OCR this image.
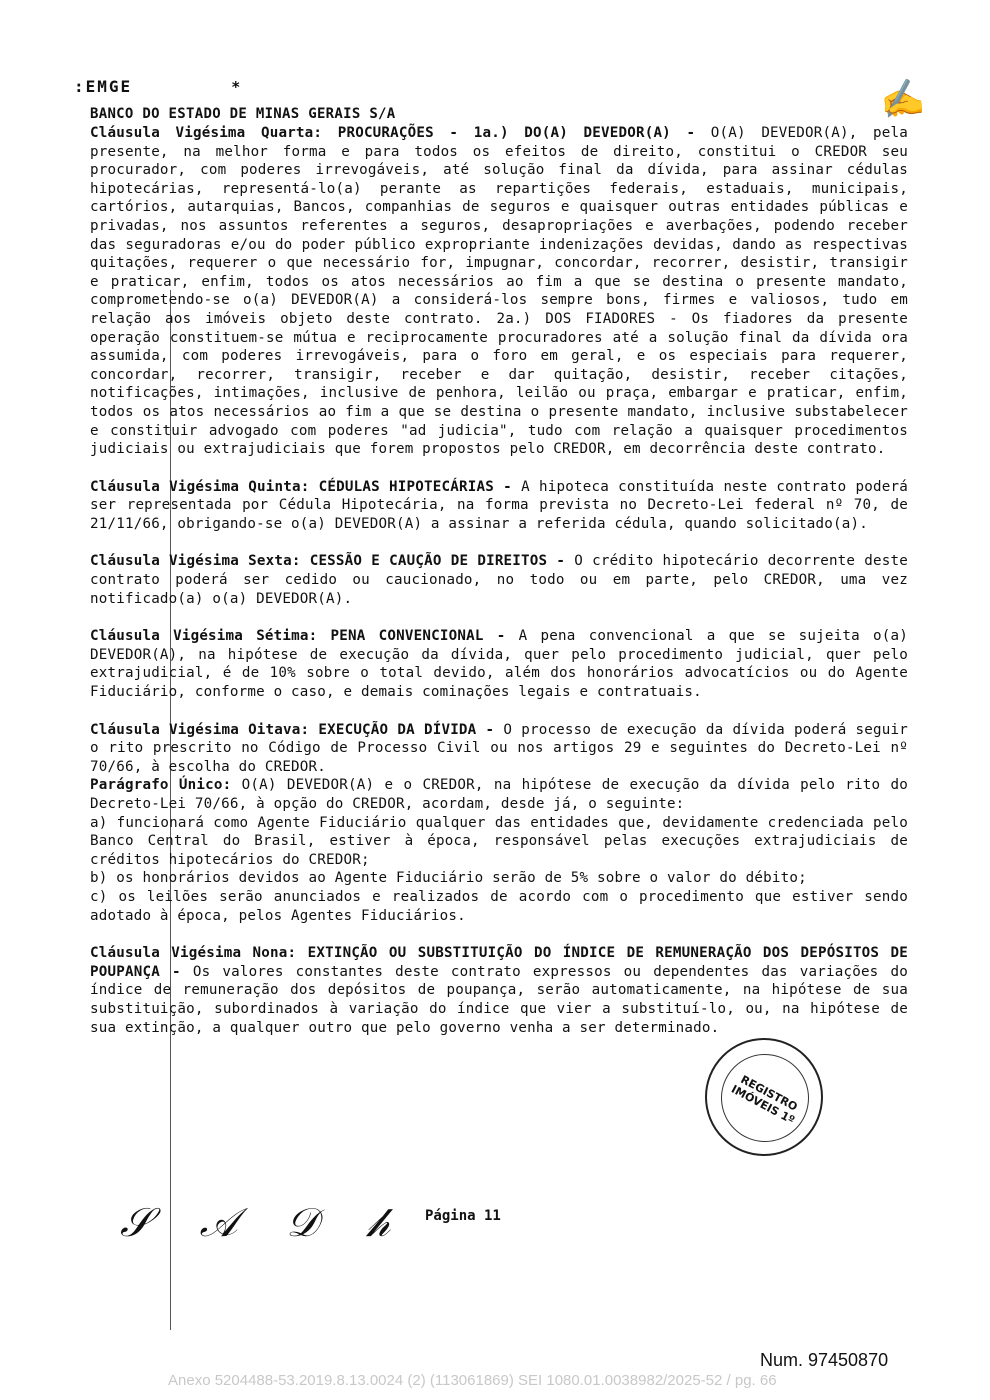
:EMGE	*
BANCO DO ESTADO DE MINAS GERAIS S/A	✍

Cláusula Vigésima Quarta: PROCURAÇÕES - 1a.) DO(A) DEVEDOR(A) - O(A) DEVEDOR(A), pela presente, na melhor forma e para todos os efeitos de direito, constitui o CREDOR seu procurador, com poderes irrevogáveis, até solução final da dívida, para assinar cédulas hipotecárias, representá-lo(a) perante as repartições federais, estaduais, municipais, cartórios, autarquias, Bancos, companhias de seguros e quaisquer outras entidades públicas e privadas, nos assuntos referentes a seguros, desapropriações e averbações, podendo receber das seguradoras e/ou do poder público expropriante indenizações devidas, dando as respectivas quitações, requerer o que necessário for, impugnar, concordar, recorrer, desistir, transigir e praticar, enfim, todos os atos necessários ao fim a que se destina o presente mandato, comprometendo-se o(a) DEVEDOR(A) a considerá-los sempre bons, firmes e valiosos, tudo em relação aos imóveis objeto deste contrato. 2a.) DOS FIADORES - Os fiadores da presente operação constituem-se mútua e reciprocamente procuradores até a solução final da dívida ora assumida, com poderes irrevogáveis, para o foro em geral, e os especiais para requerer, concordar, recorrer, transigir, receber e dar quitação, desistir, receber citações, notificações, intimações, inclusive de penhora, leilão ou praça, embargar e praticar, enfim, todos os atos necessários ao fim a que se destina o presente mandato, inclusive substabelecer e constituir advogado com poderes "ad judicia", tudo com relação a quaisquer procedimentos judiciais ou extrajudiciais que forem propostos pelo CREDOR, em decorrência deste contrato.

Cláusula Vigésima Quinta: CÉDULAS HIPOTECÁRIAS - A hipoteca constituída neste contrato poderá ser representada por Cédula Hipotecária, na forma prevista no Decreto-Lei federal nº 70, de 21/11/66, obrigando-se o(a) DEVEDOR(A) a assinar a referida cédula, quando solicitado(a).

Cláusula Vigésima Sexta: CESSÃO E CAUÇÃO DE DIREITOS - O crédito hipotecário decorrente deste contrato poderá ser cedido ou caucionado, no todo ou em parte, pelo CREDOR, uma vez notificado(a) o(a) DEVEDOR(A).

Cláusula Vigésima Sétima: PENA CONVENCIONAL - A pena convencional a que se sujeita o(a) DEVEDOR(A), na hipótese de execução da dívida, quer pelo procedimento judicial, quer pelo extrajudicial, é de 10% sobre o total devido, além dos honorários advocatícios ou do Agente Fiduciário, conforme o caso, e demais cominações legais e contratuais.

Cláusula Vigésima Oitava: EXECUÇÃO DA DÍVIDA - O processo de execução da dívida poderá seguir o rito prescrito no Código de Processo Civil ou nos artigos 29 e seguintes do Decreto-Lei nº 70/66, à escolha do CREDOR.
Parágrafo Único: O(A) DEVEDOR(A) e o CREDOR, na hipótese de execução da dívida pelo rito do Decreto-Lei 70/66, à opção do CREDOR, acordam, desde já, o seguinte:
a) funcionará como Agente Fiduciário qualquer das entidades que, devidamente credenciada pelo Banco Central do Brasil, estiver à época, responsável pelas execuções extrajudiciais de créditos hipotecários do CREDOR;
b) os honorários devidos ao Agente Fiduciário serão de 5% sobre o valor do débito;
c) os leilões serão anunciados e realizados de acordo com o procedimento que estiver sendo adotado à época, pelos Agentes Fiduciários.

Cláusula Vigésima Nona: EXTINÇÃO OU SUBSTITUIÇÃO DO ÍNDICE DE REMUNERAÇÃO DOS DEPÓSITOS DE POUPANÇA - Os valores constantes deste contrato expressos ou dependentes das variações do índice de remuneração dos depósitos de poupança, serão automaticamente, na hipótese de sua substituição, subordinados à variação do índice que vier a substituí-lo, ou, na hipótese de sua extinção, a qualquer outro que pelo governo venha a ser determinado.

REGISTRO IMÓVEIS 1º
𝒮 𝒜 𝒟 𝒽 Página 11
Num. 97450870
Anexo 5204488-53.2019.8.13.0024 (2) (113061869) SEI 1080.01.0038982/2025-52 / pg. 66
